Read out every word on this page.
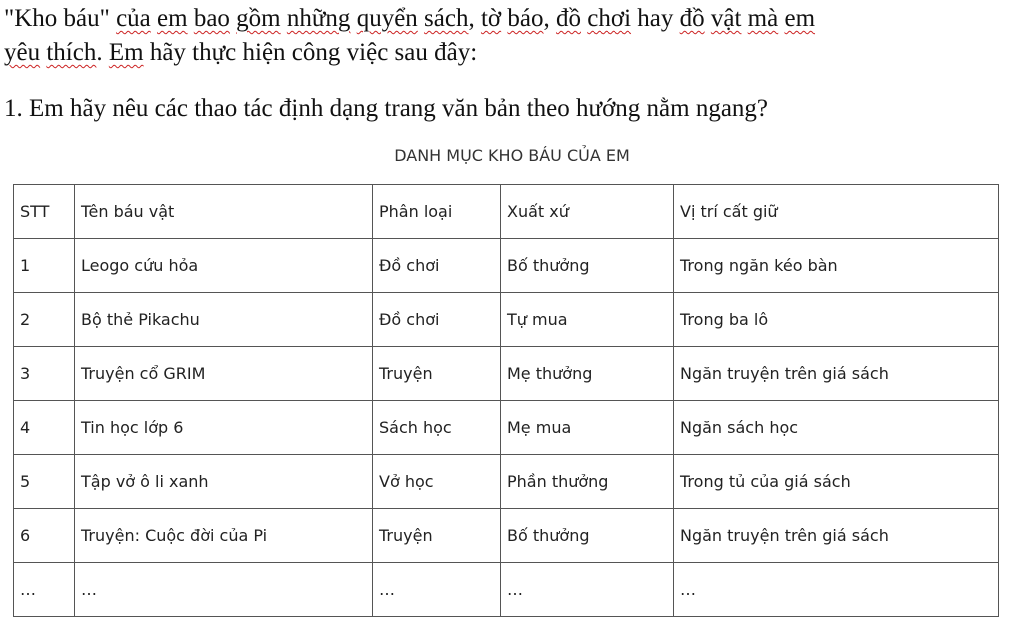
"Kho báu" của em bao gồm những quyển sách, tờ báo, đồ chơi hay đồ vật mà em
yêu thích. Em hãy thực hiện công việc sau đây:
1. Em hãy nêu các thao tác định dạng trang văn bản theo hướng nằm ngang?
DANH MỤC KHO BÁU CỦA EM
STT	Tên báu vật	Phân loại	Xuất xứ	Vị trí cất giữ
1	Leogo cứu hỏa	Đồ chơi	Bố thưởng	Trong ngăn kéo bàn
2	Bộ thẻ Pikachu	Đồ chơi	Tự mua	Trong ba lô
3	Truyện cổ GRIM	Truyện	Mẹ thưởng	Ngăn truyện trên giá sách
4	Tin học lớp 6	Sách học	Mẹ mua	Ngăn sách học
5	Tập vở ô li xanh	Vở học	Phần thưởng	Trong tủ của giá sách
6	Truyện: Cuộc đời của Pi	Truyện	Bố thưởng	Ngăn truyện trên giá sách
…	…	…	…	…
